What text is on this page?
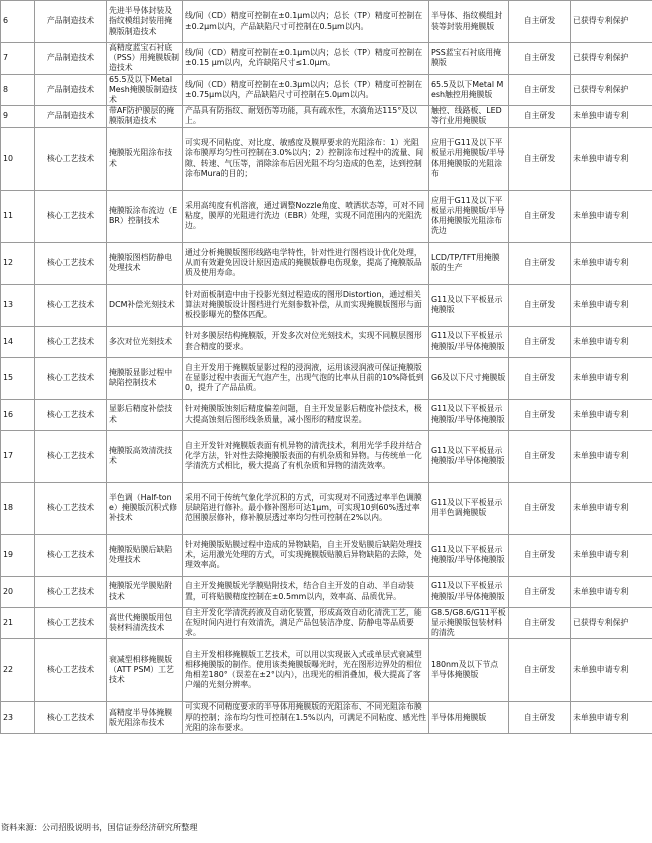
6	产品制造技术	先进半导体封装及指纹模组封装用掩膜版制造技术	线/间（CD）精度可控制在±0.1μm以内；总长（TP）精度可控制在±0.2μm以内，产品缺陷尺寸可控制在0.5μm以内。	半导体、指纹模组封装等封装用掩膜版	自主研发	已获得专利保护
7	产品制造技术	高精度蓝宝石衬底（PSS）用掩膜版制造技术	线/间（CD）精度可控制在±0.1μm以内；总长（TP）精度可控制在±0.15 μm以内，允许缺陷尺寸≤1.0μm。	PSS蓝宝石衬底用掩膜版	自主研发	已获得专利保护
8	产品制造技术	65.5及以下Metal Mesh掩膜版制造技术	线/间（CD）精度可控制在±0.3μm以内；总长（TP）精度可控制在±0.75μm以内，产品缺陷尺寸可控制在5.0μm以内。	65.5及以下Metal Mesh触控用掩膜版	自主研发	已获得专利保护
9	产品制造技术	带AF防护膜层的掩膜版制造技术	产品具有防指纹、耐划伤等功能，具有疏水性，水滴角达115°及以上。	触控、线路板、LED等行业用掩膜版	自主研发	未单独申请专利
10	核心工艺技术	掩膜版光阻涂布技术	可实现不同粘度、对比度、敏感度及膜厚要求的光阻涂布：1）光阻涂布膜厚均匀性可控制在3.0%以内；2）控制涂布过程中的流量、间隙、转速、气压等，消除涂布后因光阻不均匀造成的色差，达到控制涂布Mura的目的；	应用于G11及以下平板显示用掩膜版/半导体用掩膜版的光阻涂布	自主研发	未单独申请专利
11	核心工艺技术	掩膜版涂布流边（EBR）控制技术	采用高纯度有机溶液，通过调整Nozzle角度、喷洒状态等，可对不同粘度，膜厚的光阻进行洗边（EBR）处理，实现不同范围内的光阻洗边。	应用于G11及以下平板显示用掩膜版/半导体用掩膜版光阻涂布洗边	自主研发	未单独申请专利
12	核心工艺技术	掩膜版图档防静电处理技术	通过分析掩膜版图形线路电学特性，针对性进行图档设计优化处理，从而有效避免因设计原因造成的掩膜版静电伤现象，提高了掩膜版品质及使用寿命。	LCD/TP/TFT用掩膜版的生产	自主研发	未单独申请专利
13	核心工艺技术	DCM补偿光刻技术	针对面板制造中由于投影光刻过程造成的图形Distortion，通过相关算法对掩膜版设计图档进行光刻参数补偿，从而实现掩膜版图形与面板投影曝光的整体匹配。	G11及以下平板显示掩膜版	自主研发	未单独申请专利
14	核心工艺技术	多次对位光刻技术	针对多膜层结构掩膜版，开发多次对位光刻技术，实现不同膜层图形套合精度的要求。	G11及以下平板显示掩膜版/半导体掩膜版	自主研发	未单独申请专利
15	核心工艺技术	掩膜版显影过程中缺陷控制技术	自主开发用于掩膜版显影过程的浸润液，运用该浸润液可保证掩膜版在显影过程中表面无气泡产生，出现气泡的比率从目前的10%降低到0，提升了产品品质。	G6及以下尺寸掩膜版	自主研发	未单独申请专利
16	核心工艺技术	显影后精度补偿技术	针对掩膜版蚀刻后精度偏差问题，自主开发显影后精度补偿技术，极大提高蚀刻后图形线条质量，减小图形的精度误差。	G11及以下平板显示掩膜版/半导体掩膜版	自主研发	未单独申请专利
17	核心工艺技术	掩膜版高效清洗技术	自主开发针对掩膜版表面有机异物的清洗技术，利用光学手段并结合化学方法，针对性去除掩膜版表面的有机杂质和异物。与传统单一化学清洗方式相比，极大提高了有机杂质和异物的清洗效率。	G11及以下平板显示掩膜版/半导体掩膜版	自主研发	未单独申请专利
18	核心工艺技术	半色调（Half-tone）掩膜版沉积式修补技术	采用不同于传统气象化学沉积的方式，可实现对不同透过率半色调膜层缺陷进行修补。最小修补图形可达1μm，可实现10到60%透过率范围膜层修补，修补膜层透过率均匀性可控制在2%以内。	G11及以下平板显示用半色调掩膜版	自主研发	未单独申请专利
19	核心工艺技术	掩膜版贴膜后缺陷处理技术	针对掩膜版贴膜过程中造成的异物缺陷，自主开发贴膜后缺陷处理技术，运用激光处理的方式，可实现掩膜版贴膜后异物缺陷的去除，处理效率高。	G11及以下平板显示掩膜版/半导体掩膜版	自主研发	未单独申请专利
20	核心工艺技术	掩膜版光学膜贴附技术	自主开发掩膜版光学膜贴附技术，结合自主开发的自动、半自动装置，可将贴膜精度控制在±0.5mm以内，效率高、品质优异。	G11及以下平板显示掩膜版/半导体掩膜版	自主研发	未单独申请专利
21	核心工艺技术	高世代掩膜版用包装材料清洗技术	自主开发化学清洗药液及自动化装置，形成高效自动化清洗工艺，能在短时间内进行有效清洗，满足产品包装洁净度、防静电等品质要求。	G8.5/G8.6/G11平板显示掩膜版包装材料的清洗	自主研发	已获得专利保护
22	核心工艺技术	衰减型相移掩膜版（ATT PSM）工艺技术	自主开发相移掩膜版工艺技术，可以用以实现嵌入式或单层式衰减型相移掩膜版的制作。使用该类掩膜版曝光时，光在图形边界处的相位角相差180°（误差在±2°以内），出现光的相消叠加，极大提高了客户端的光刻分辨率。	180nm及以下节点半导体掩膜版	自主研发	未单独申请专利
23	核心工艺技术	高精度半导体掩膜版光阻涂布技术	可实现不同精度要求的半导体用掩膜版的光阻涂布、不同光阻涂布膜厚的控制；涂布均匀性可控制在1.5%以内，可满足不同粘度、感光性光阻的涂布要求。	半导体用掩膜版	自主研发	未单独申请专利
资料来源：公司招股说明书，国信证券经济研究所整理
